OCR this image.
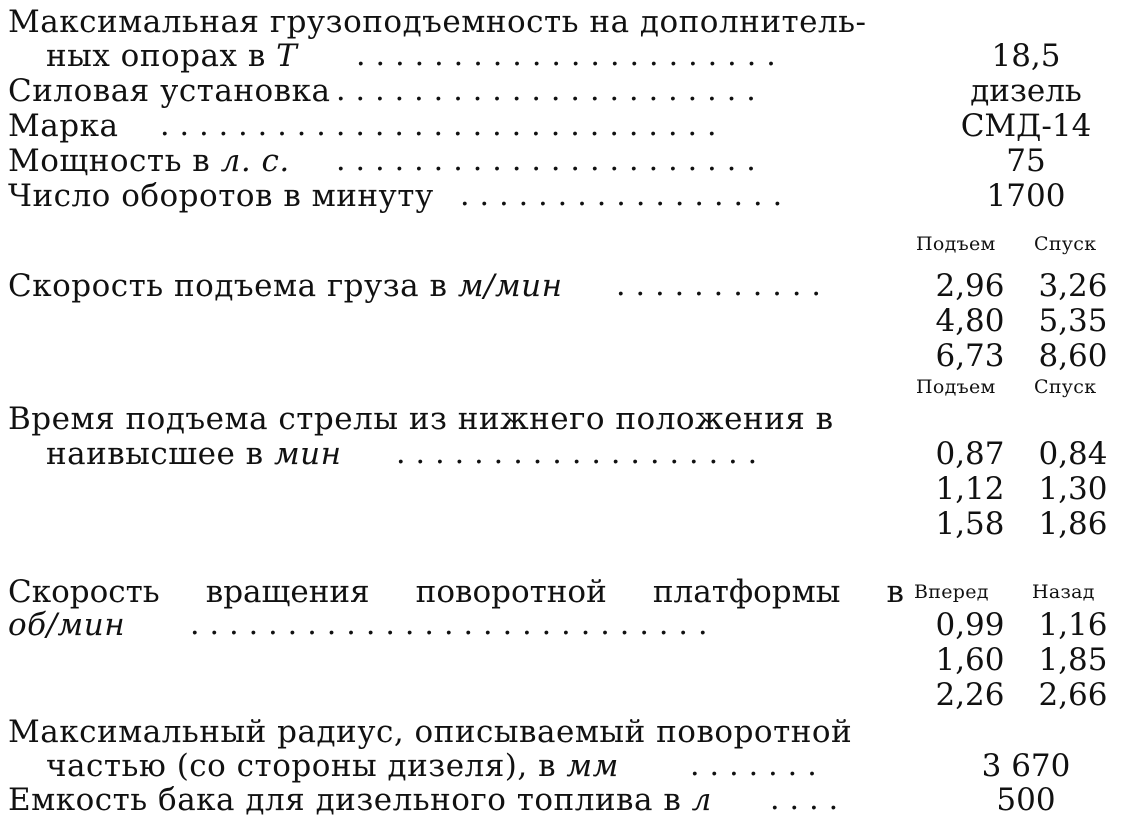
Максимальная грузоподъемность на дополнитель-
ных опорах в Т ......................	18,5
Силовая установка ......................	дизель
Марка .............................	СМД-14
Мощность в л. с. ......................	75
Число оборотов в минуту .................	1700
Подъем Спуск
Скорость подъема груза в м/мин ...........	2,96	3,26
4,80	5,35
6,73	8,60
Подъем Спуск
Время подъема стрелы из нижнего положения в
наивысшее в мин ...................	0,87	0,84
1,12	1,30
1,58	1,86
Скорость вращения поворотной платформы в Вперед Назад
об/мин ...........................	0,99	1,16
1,60	1,85
2,26	2,66
Максимальный радиус, описываемый поворотной
частью (со стороны дизеля), в мм .......	3 670
Емкость бака для дизельного топлива в л ....	500
